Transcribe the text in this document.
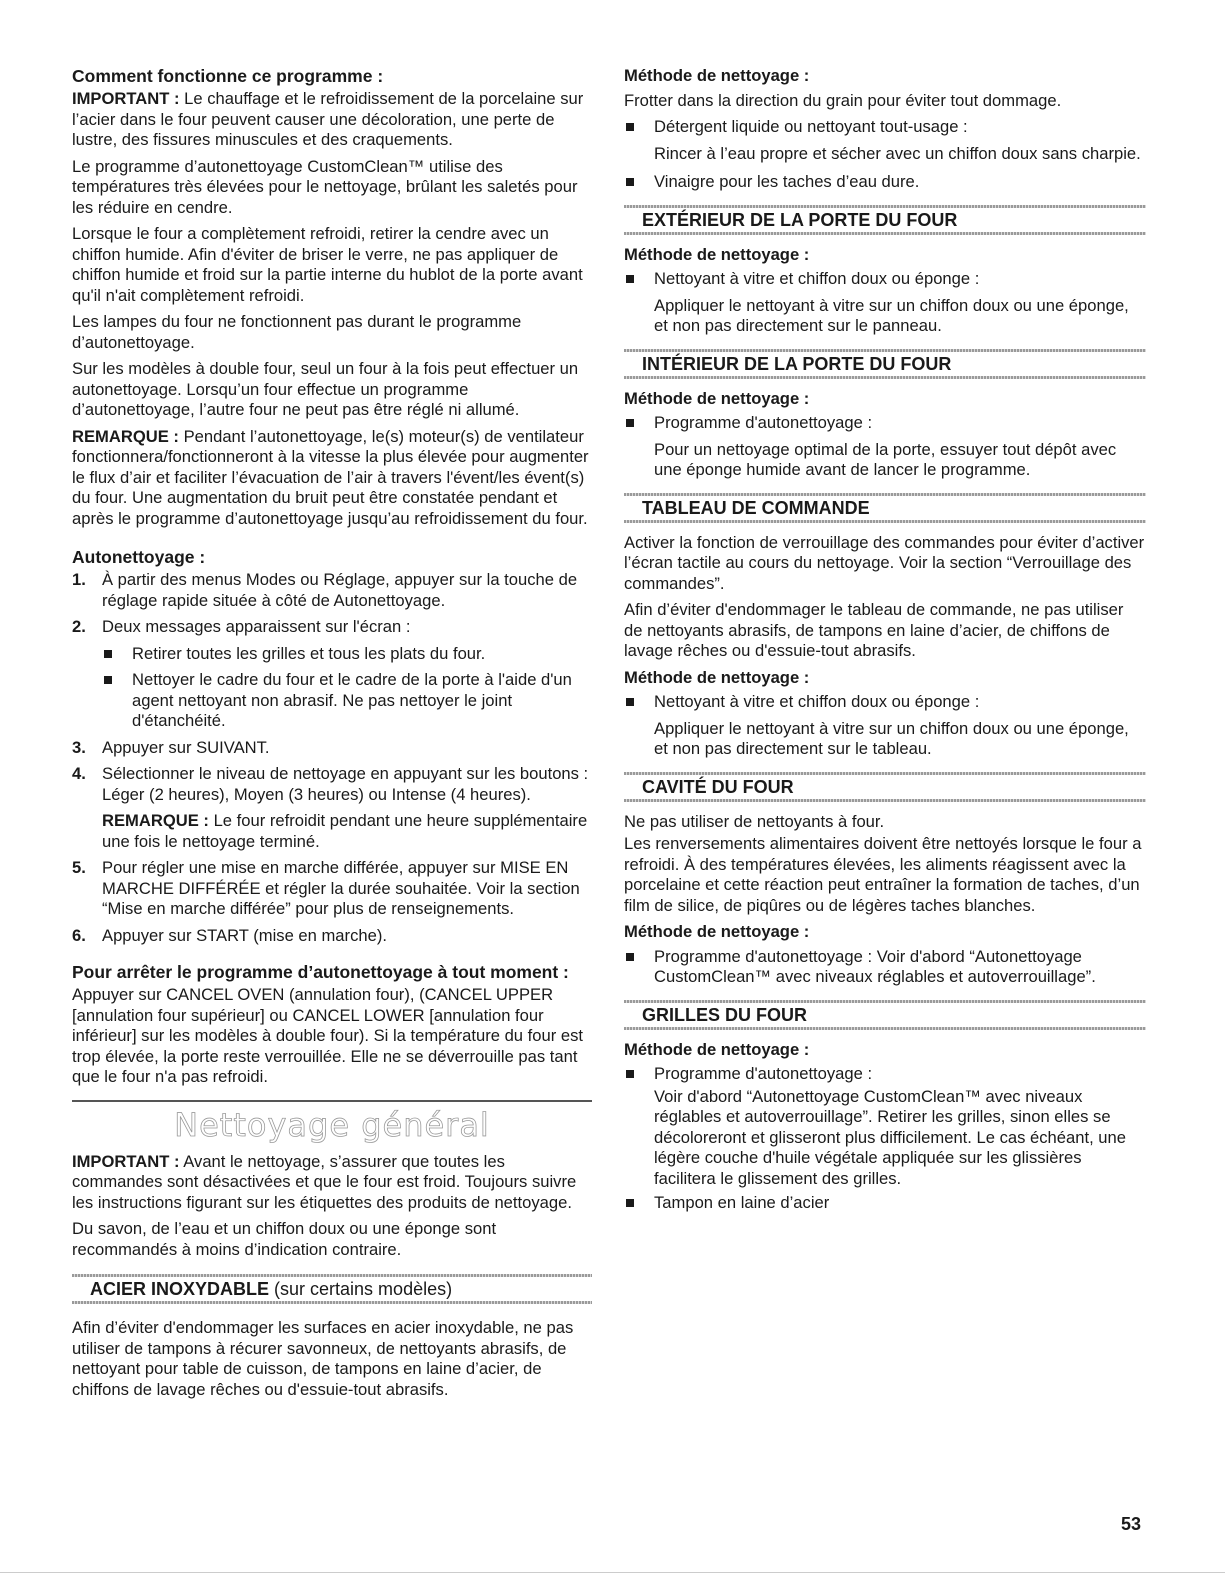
Comment fonctionne ce programme :

IMPORTANT : Le chauffage et le refroidissement de la porcelaine sur l’acier dans le four peuvent causer une décoloration, une perte de lustre, des fissures minuscules et des craquements.

Le programme d’autonettoyage CustomClean™ utilise des températures très élevées pour le nettoyage, brûlant les saletés pour les réduire en cendre.

Lorsque le four a complètement refroidi, retirer la cendre avec un chiffon humide. Afin d'éviter de briser le verre, ne pas appliquer de chiffon humide et froid sur la partie interne du hublot de la porte avant qu'il n'ait complètement refroidi.

Les lampes du four ne fonctionnent pas durant le programme d’autonettoyage.

Sur les modèles à double four, seul un four à la fois peut effectuer un autonettoyage. Lorsqu’un four effectue un programme d’autonettoyage, l’autre four ne peut pas être réglé ni allumé.

REMARQUE : Pendant l’autonettoyage, le(s) moteur(s) de ventilateur fonctionnera/fonctionneront à la vitesse la plus élevée pour augmenter le flux d’air et faciliter l’évacuation de l’air à travers l'évent/les évent(s) du four. Une augmentation du bruit peut être constatée pendant et après le programme d’autonettoyage jusqu’au refroidissement du four.

Autonettoyage :
1. À partir des menus Modes ou Réglage, appuyer sur la touche de réglage rapide située à côté de Autonettoyage.
2. Deux messages apparaissent sur l'écran :
Retirer toutes les grilles et tous les plats du four.
Nettoyer le cadre du four et le cadre de la porte à l'aide d'un agent nettoyant non abrasif. Ne pas nettoyer le joint d'étanchéité.
3. Appuyer sur SUIVANT.
4. Sélectionner le niveau de nettoyage en appuyant sur les boutons :
Léger (2 heures), Moyen (3 heures) ou Intense (4 heures).
REMARQUE : Le four refroidit pendant une heure supplémentaire une fois le nettoyage terminé.
5. Pour régler une mise en marche différée, appuyer sur MISE EN MARCHE DIFFÉRÉE et régler la durée souhaitée. Voir la section “Mise en marche différée” pour plus de renseignements.
6. Appuyer sur START (mise en marche).
Pour arrêter le programme d’autonettoyage à tout moment :

Appuyer sur CANCEL OVEN (annulation four), (CANCEL UPPER [annulation four supérieur] ou CANCEL LOWER [annulation four inférieur] sur les modèles à double four). Si la température du four est trop élevée, la porte reste verrouillée. Elle ne se déverrouille pas tant que le four n'a pas refroidi.

Nettoyage général

IMPORTANT : Avant le nettoyage, s’assurer que toutes les commandes sont désactivées et que le four est froid. Toujours suivre les instructions figurant sur les étiquettes des produits de nettoyage.

Du savon, de l’eau et un chiffon doux ou une éponge sont recommandés à moins d’indication contraire.

ACIER INOXYDABLE (sur certains modèles)

Afin d’éviter d'endommager les surfaces en acier inoxydable, ne pas utiliser de tampons à récurer savonneux, de nettoyants abrasifs, de nettoyant pour table de cuisson, de tampons en laine d’acier, de chiffons de lavage rêches ou d'essuie-tout abrasifs.

Méthode de nettoyage :

Frotter dans la direction du grain pour éviter tout dommage.

Détergent liquide ou nettoyant tout-usage :
Rincer à l’eau propre et sécher avec un chiffon doux sans charpie.
Vinaigre pour les taches d’eau dure.
EXTÉRIEUR DE LA PORTE DU FOUR
Méthode de nettoyage :
Nettoyant à vitre et chiffon doux ou éponge :
Appliquer le nettoyant à vitre sur un chiffon doux ou une éponge, et non pas directement sur le panneau.
INTÉRIEUR DE LA PORTE DU FOUR
Méthode de nettoyage :
Programme d'autonettoyage :
Pour un nettoyage optimal de la porte, essuyer tout dépôt avec une éponge humide avant de lancer le programme.
TABLEAU DE COMMANDE

Activer la fonction de verrouillage des commandes pour éviter d’activer l’écran tactile au cours du nettoyage. Voir la section “Verrouillage des commandes”.

Afin d’éviter d'endommager le tableau de commande, ne pas utiliser de nettoyants abrasifs, de tampons en laine d’acier, de chiffons de lavage rêches ou d'essuie-tout abrasifs.

Méthode de nettoyage :
Nettoyant à vitre et chiffon doux ou éponge :
Appliquer le nettoyant à vitre sur un chiffon doux ou une éponge, et non pas directement sur le tableau.
CAVITÉ DU FOUR

Ne pas utiliser de nettoyants à four.

Les renversements alimentaires doivent être nettoyés lorsque le four a refroidi. À des températures élevées, les aliments réagissent avec la porcelaine et cette réaction peut entraîner la formation de taches, d’un film de silice, de piqûres ou de légères taches blanches.

Méthode de nettoyage :
Programme d'autonettoyage : Voir d'abord “Autonettoyage CustomClean™ avec niveaux réglables et autoverrouillage”.
GRILLES DU FOUR
Méthode de nettoyage :
Programme d'autonettoyage :
Voir d'abord “Autonettoyage CustomClean™ avec niveaux réglables et autoverrouillage”. Retirer les grilles, sinon elles se décoloreront et glisseront plus difficilement. Le cas échéant, une légère couche d'huile végétale appliquée sur les glissières facilitera le glissement des grilles.
Tampon en laine d’acier
53
